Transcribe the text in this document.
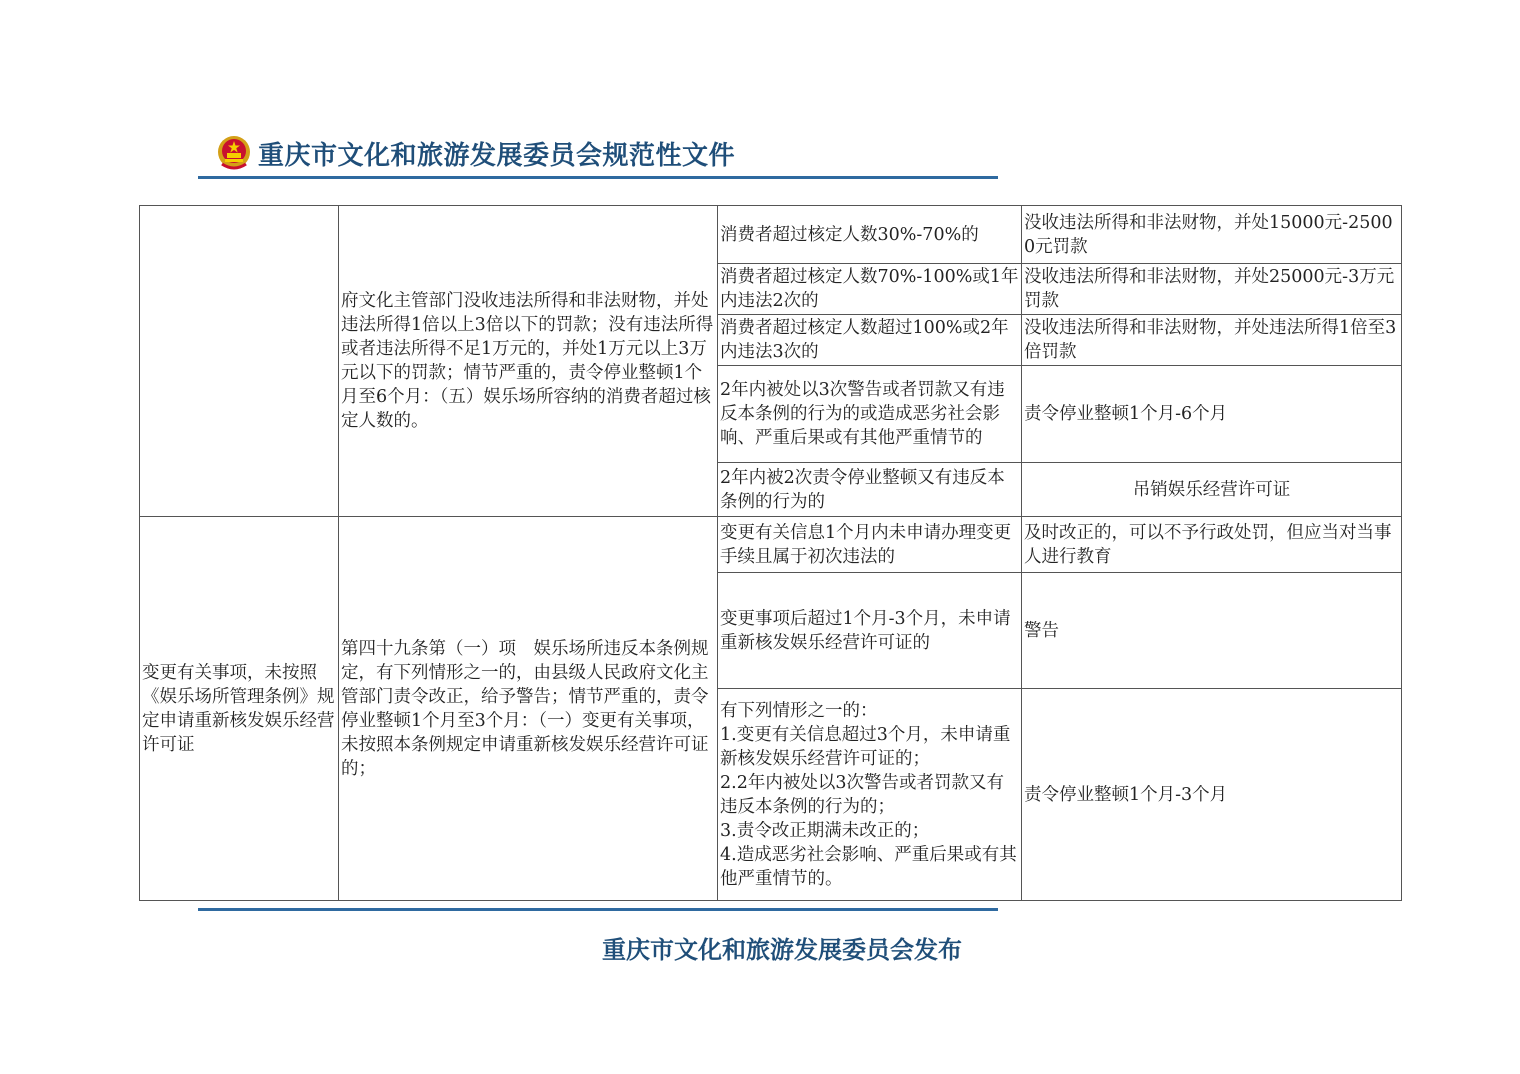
重庆市文化和旅游发展委员会规范性文件
	府文化主管部门没收违法所得和非法财物，并处违法所得1倍以上3倍以下的罚款；没有违法所得或者违法所得不足1万元的，并处1万元以上3万元以下的罚款；情节严重的，责令停业整顿1个月至6个月：（五）娱乐场所容纳的消费者超过核定人数的。	消费者超过核定人数30%-70%的	没收违法所得和非法财物，并处15000元-25000元罚款
		消费者超过核定人数70%-100%或1年内违法2次的	没收违法所得和非法财物，并处25000元-3万元罚款
		消费者超过核定人数超过100%或2年内违法3次的	没收违法所得和非法财物，并处违法所得1倍至3倍罚款
		2年内被处以3次警告或者罚款又有违反本条例的行为的或造成恶劣社会影响、严重后果或有其他严重情节的	责令停业整顿1个月-6个月
		2年内被2次责令停业整顿又有违反本条例的行为的	吊销娱乐经营许可证
变更有关事项，未按照《娱乐场所管理条例》规定申请重新核发娱乐经营许可证	第四十九条第（一）项　娱乐场所违反本条例规定，有下列情形之一的，由县级人民政府文化主管部门责令改正，给予警告；情节严重的，责令停业整顿1个月至3个月：（一）变更有关事项，未按照本条例规定申请重新核发娱乐经营许可证的；	变更有关信息1个月内未申请办理变更手续且属于初次违法的	及时改正的，可以不予行政处罚，但应当对当事人进行教育
		变更事项后超过1个月-3个月，未申请重新核发娱乐经营许可证的	警告

		有下列情形之一的：
1.变更有关信息超过3个月，未申请重新核发娱乐经营许可证的；
2.2年内被处以3次警告或者罚款又有违反本条例的行为的；
3.责令改正期满未改正的；
4.造成恶劣社会影响、严重后果或有其他严重情节的。	责令停业整顿1个月-3个月
重庆市文化和旅游发展委员会发布
